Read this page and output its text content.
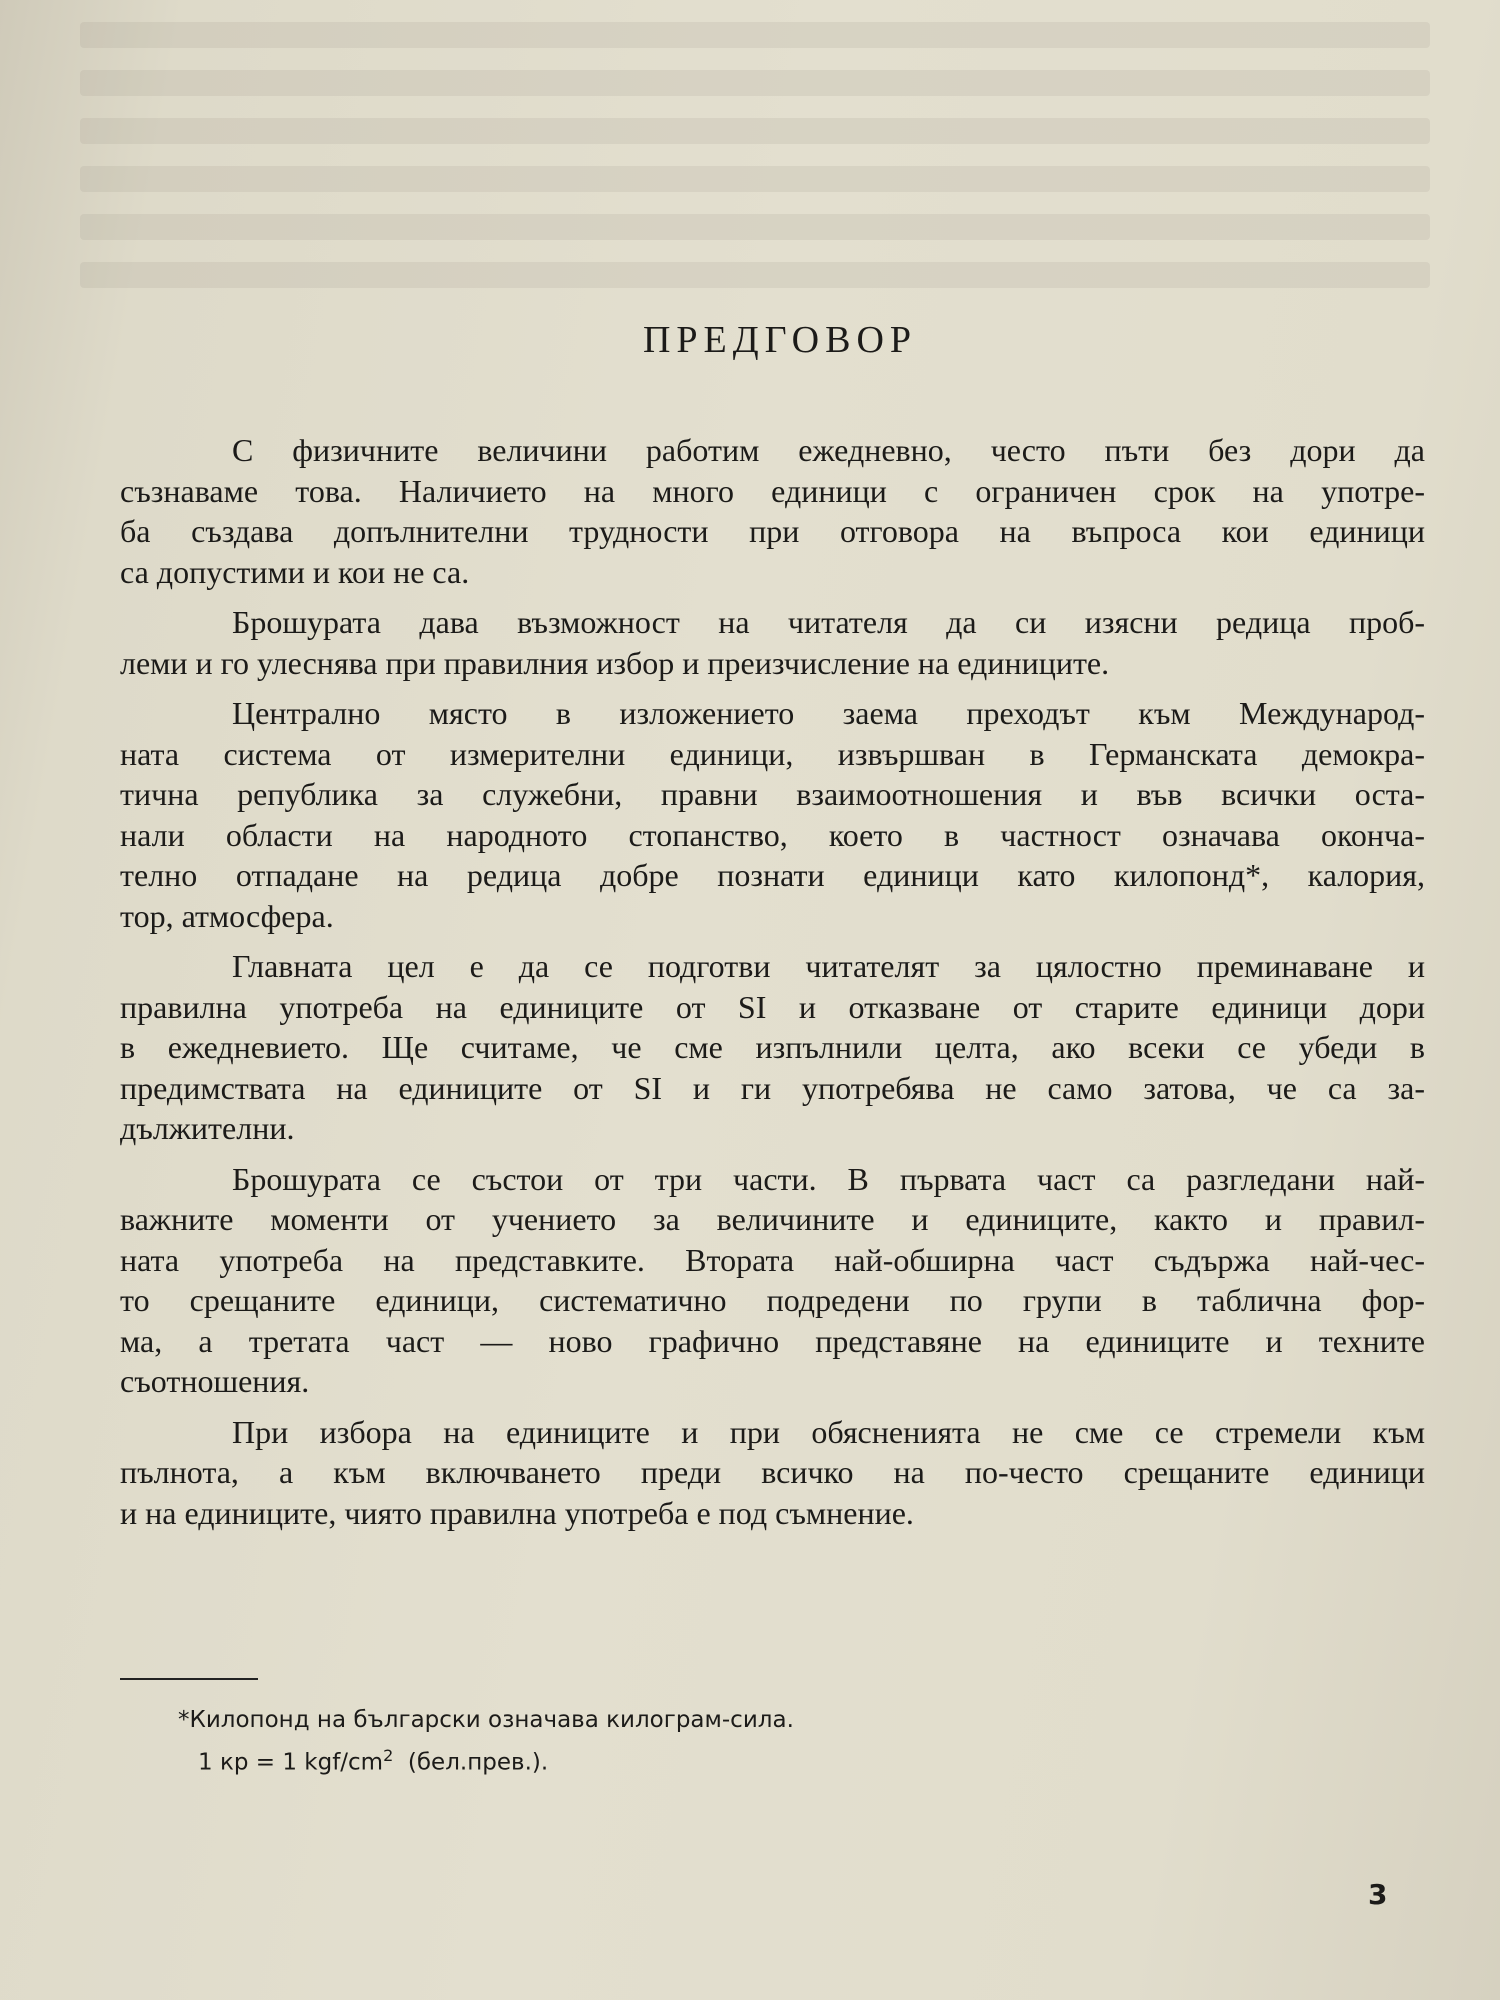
ПРЕДГОВОР

С физичните величини работим ежедневно, често пъти без дори да
съзнаваме това. Наличието на много единици с ограничен срок на употре-
ба създава допълнителни трудности при отговора на въпроса кои единици
са допустими и кои не са.

Брошурата дава възможност на читателя да си изясни редица проб-
леми и го улеснява при правилния избор и преизчисление на единиците.

Централно място в изложението заема преходът към Международ-
ната система от измерителни единици, извършван в Германската демокра-
тична република за служебни, правни взаимоотношения и във всички оста-
нали области на народното стопанство, което в частност означава оконча-
телно отпадане на редица добре познати единици като килопонд*, калория,
тор, атмосфера.

Главната цел е да се подготви читателят за цялостно преминаване и
правилна употреба на единиците от SI и отказване от старите единици дори
в ежедневието. Ще считаме, че сме изпълнили целта, ако всеки се убеди в
предимствата на единиците от SI и ги употребява не само затова, че са за-
дължителни.

Брошурата се състои от три части. В първата част са разгледани най-
важните моменти от учението за величините и единиците, както и правил-
ната употреба на представките. Втората най-обширна част съдържа най-чес-
то срещаните единици, систематично подредени по групи в таблична фор-
ма, а третата част — ново графично представяне на единиците и техните
съотношения.

При избора на единиците и при обясненията не сме се стремели към
пълнота, а към включването преди всичко на по-често срещаните единици
и на единиците, чиято правилна употреба е под съмнение.

*Килопонд на български означава килограм-сила.
1 кр = 1 kgf/$cm^2$  (бел.прев.).
3
